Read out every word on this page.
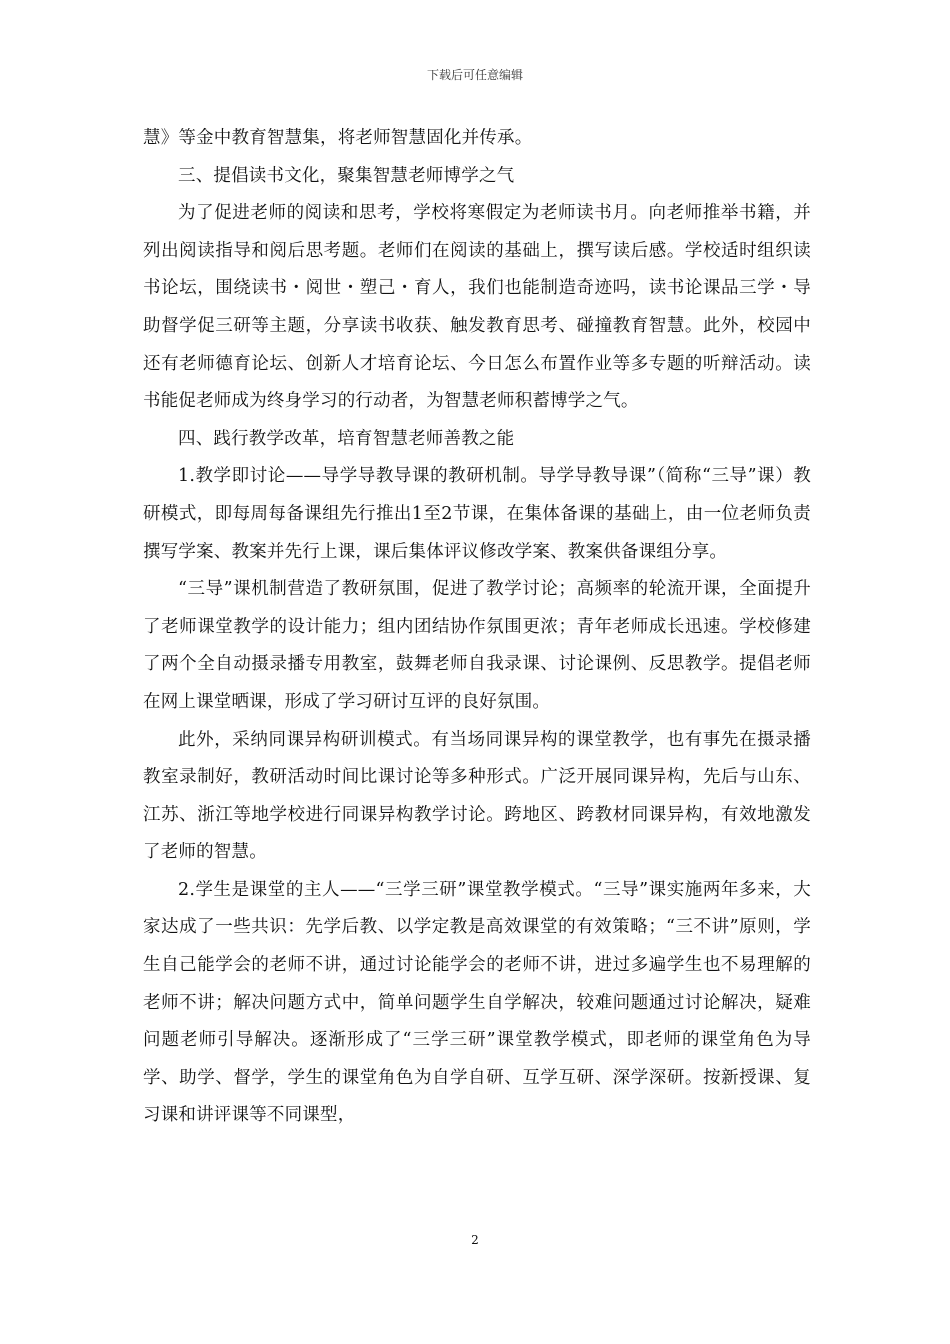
下载后可任意编辑

慧》等金中教育智慧集，将老师智慧固化并传承。

三、提倡读书文化，聚集智慧老师博学之气

为了促进老师的阅读和思考，学校将寒假定为老师读书月。向老师推举书籍，并列出阅读指导和阅后思考题。老师们在阅读的基础上，撰写读后感。学校适时组织读书论坛，围绕读书・阅世・塑己・育人，我们也能制造奇迹吗，读书论课品三学・导助督学促三研等主题，分享读书收获、触发教育思考、碰撞教育智慧。此外，校园中还有老师德育论坛、创新人才培育论坛、今日怎么布置作业等多专题的听辩活动。读书能促老师成为终身学习的行动者，为智慧老师积蓄博学之气。

四、践行教学改革，培育智慧老师善教之能

1.教学即讨论——导学导教导课的教研机制。导学导教导课”（简称“三导”课）教研模式，即每周每备课组先行推出1至2节课，在集体备课的基础上，由一位老师负责撰写学案、教案并先行上课，课后集体评议修改学案、教案供备课组分享。

“三导”课机制营造了教研氛围，促进了教学讨论；高频率的轮流开课，全面提升了老师课堂教学的设计能力；组内团结协作氛围更浓；青年老师成长迅速。学校修建了两个全自动摄录播专用教室，鼓舞老师自我录课、讨论课例、反思教学。提倡老师在网上课堂晒课，形成了学习研讨互评的良好氛围。

此外，采纳同课异构研训模式。有当场同课异构的课堂教学，也有事先在摄录播教室录制好，教研活动时间比课讨论等多种形式。广泛开展同课异构，先后与山东、江苏、浙江等地学校进行同课异构教学讨论。跨地区、跨教材同课异构，有效地激发了老师的智慧。

2.学生是课堂的主人——“三学三研”课堂教学模式。“三导”课实施两年多来，大家达成了一些共识：先学后教、以学定教是高效课堂的有效策略；“三不讲”原则，学生自己能学会的老师不讲，通过讨论能学会的老师不讲，进过多遍学生也不易理解的老师不讲；解决问题方式中，简单问题学生自学解决，较难问题通过讨论解决，疑难问题老师引导解决。逐渐形成了“三学三研”课堂教学模式，即老师的课堂角色为导学、助学、督学，学生的课堂角色为自学自研、互学互研、深学深研。按新授课、复习课和讲评课等不同课型，

2
